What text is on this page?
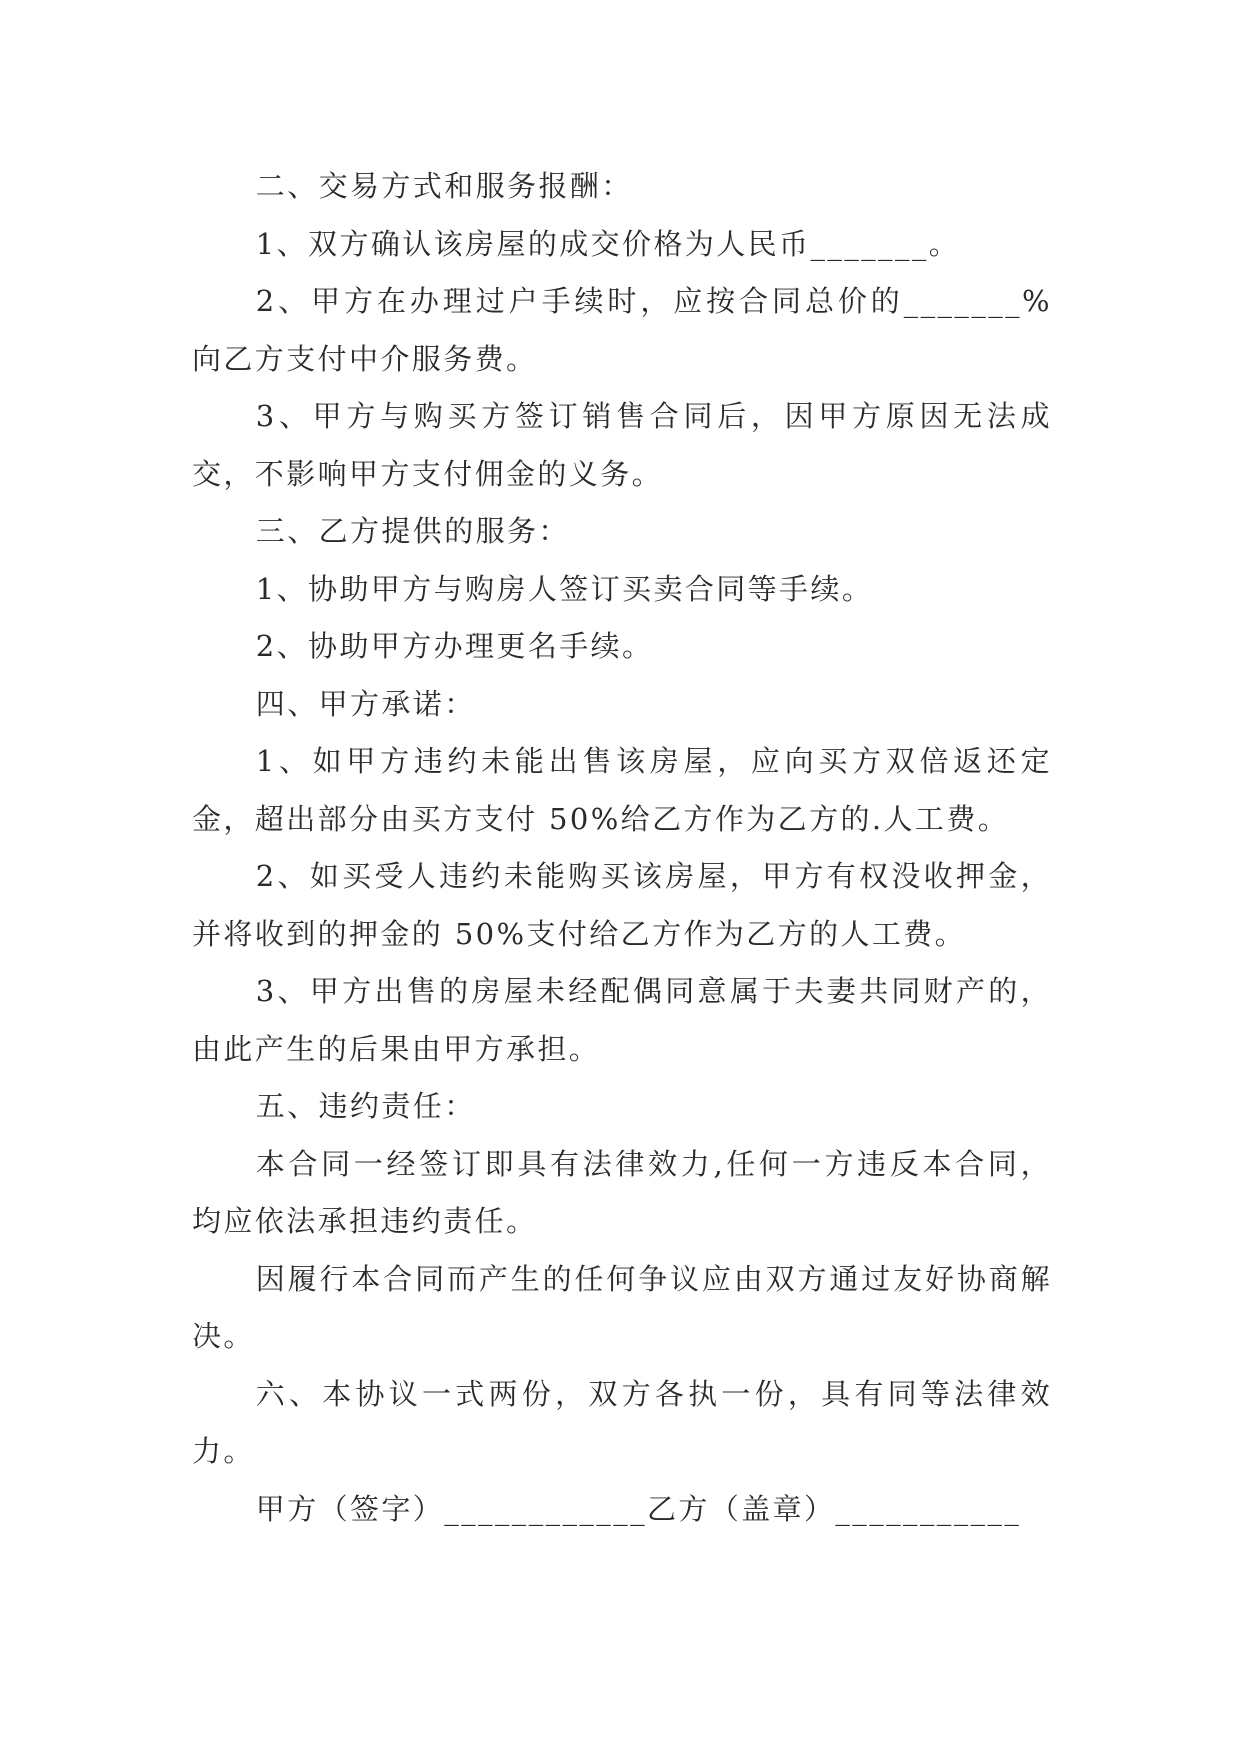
二、交易方式和服务报酬：

1、双方确认该房屋的成交价格为人民币_______。

2、甲方在办理过户手续时，应按合同总价的_______%向乙方支付中介服务费。

3、甲方与购买方签订销售合同后，因甲方原因无法成交，不影响甲方支付佣金的义务。

三、乙方提供的服务：

1、协助甲方与购房人签订买卖合同等手续。

2、协助甲方办理更名手续。

四、甲方承诺：

1、如甲方违约未能出售该房屋，应向买方双倍返还定金，超出部分由买方支付 50%给乙方作为乙方的.人工费。

2、如买受人违约未能购买该房屋，甲方有权没收押金，并将收到的押金的 50%支付给乙方作为乙方的人工费。

3、甲方出售的房屋未经配偶同意属于夫妻共同财产的，由此产生的后果由甲方承担。

五、违约责任：

本合同一经签订即具有法律效力,任何一方违反本合同，均应依法承担违约责任。

因履行本合同而产生的任何争议应由双方通过友好协商解决。

六、本协议一式两份，双方各执一份，具有同等法律效力。

甲方（签字）____________乙方（盖章）___________
